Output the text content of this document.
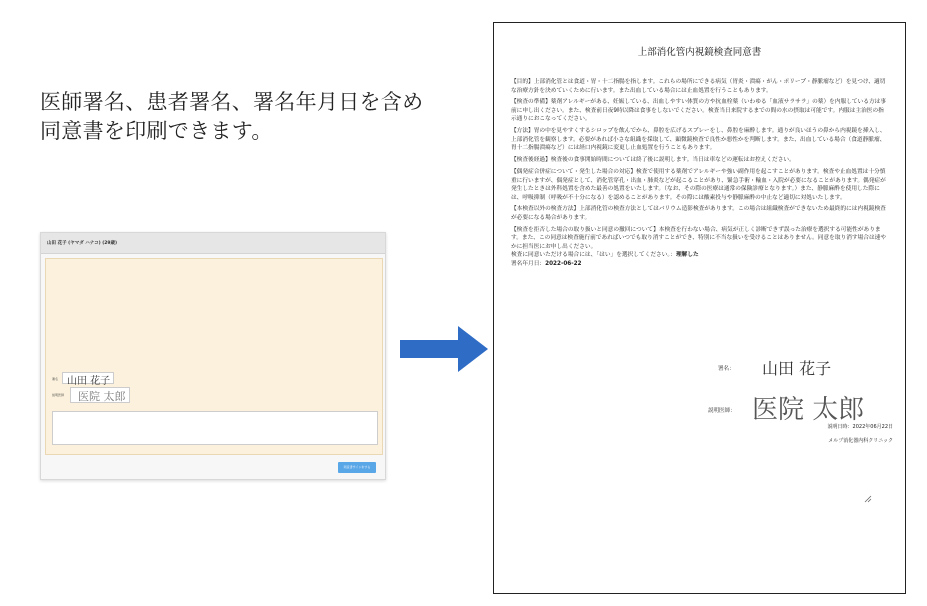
医師署名、患者署名、署名年月日を含め
同意書を印刷できます。
山田 花子 (ヤマダ ハナコ) (29歳)
署名 山田 花子
説明医師 医院 太郎
同意書サインをする
上部消化管内視鏡検査同意書

【目的】上部消化管とは食道・胃・十二指腸を指します。これらの場所にできる病気（胃炎・潰瘍・がん・ポリープ・静脈瘤など）を見つけ、適切な治療方針を決めていくために行います。また出血している場合には止血処置を行うこともあります。

【検査の準備】薬剤アレルギーがある、妊娠している、出血しやすい体質の方や抗血栓薬（いわゆる「血液サラサラ」の薬）を内服している方は事前に申し出ください。また、検査前日夜9時以降は食事をしないでください。検査当日来院するまでの間の水の摂取は可能です。内服は主治医の指示通りにおこなってください。

【方法】胃の中を見やすくするシロップを飲んでから、鼻腔を広げるスプレーをし、鼻腔を麻酔します。通りが良いほうの鼻から内視鏡を挿入し、上部消化管を観察します。必要があれば小さな組織を採取して、顕微鏡検査で良性か悪性かを判断します。また、出血している場合（食道静脈瘤、胃十二指腸潰瘍など）には経口内視鏡に変更し止血処置を行うこともあります。

【検査後経過】検査後の食事開始時間については終了後に説明します。当日は車などの運転はお控えください。

【偶発症合併症について・発生した場合の対応】検査で使用する薬剤でアレルギーや強い副作用を起こすことがあります。検査や止血処置は十分慎重に行いますが、偶発症として、消化管穿孔・出血・肺炎などが起こることがあり、緊急手術・輸血・入院が必要になることがあります。偶発症が発生したときは外科処置を含めた最善の処置をいたします。（なお、その際の医療は通常の保険診療となります。）また、静脈麻酔を使用した際には、呼吸抑制（呼吸が不十分になる）を認めることがあります。その際には酸素投与や静脈麻酔の中止など適切に対処いたします。

【本検査以外の検査方法】上部消化管の検査方法としてはバリウム造影検査があります。この場合は組織検査ができないため最終的には内視鏡検査が必要になる場合があります。

【検査を拒否した場合の取り扱いと同意の撤回について】本検査を行わない場合、病気が正しく診断できず誤った治療を選択する可能性があります。また、この同意は検査施行前であればいつでも取り消すことができ、特別に不当な扱いを受けることはありません。同意を取り消す場合は速やかに担当医にお申し出ください。

検査に同意いただける場合には、「はい」を選択してください。：理解した
署名年月日：2022-06-22
署名： 山田 花子
説明医師： 医院 太郎
説明日時：2022年06月22日
メルプ消化器内科クリニック
